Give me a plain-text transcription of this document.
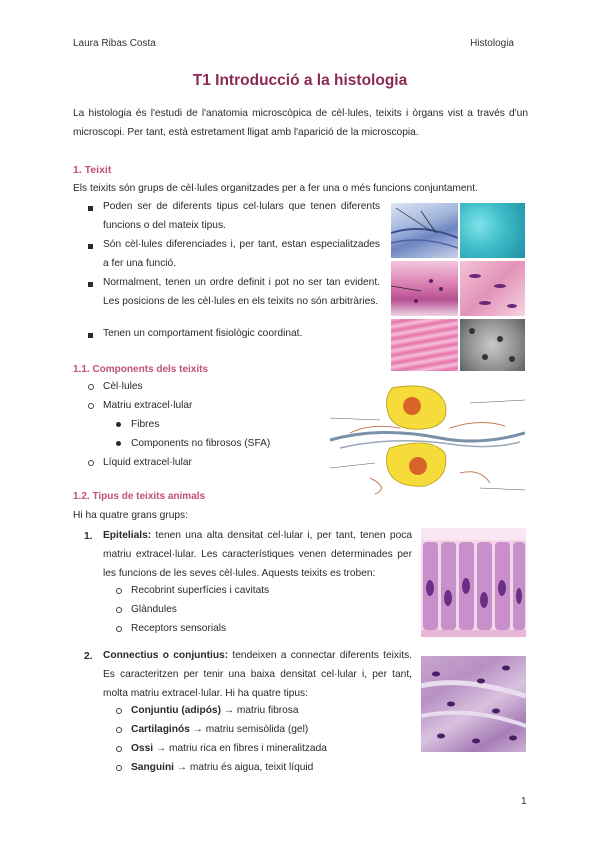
Laura Ribas Costa	Histologia
T1 Introducció a la histologia
La histologia és l'estudi de l'anatomia microscòpica de cèl·lules, teixits i òrgans vist a través d'un microscopi. Per tant, està estretament lligat amb l'aparició de la microscopia.
1. Teixit
Els teixits són grups de cèl·lules organitzades per a fer una o més funcions conjuntament.
Poden ser de diferents tipus cel·lulars que tenen diferents funcions o del mateix tipus.
Són cèl·lules diferenciades i, per tant, estan especialitzades a fer una funció.
Normalment, tenen un ordre definit i pot no ser tan evident. Les posicions de les cèl·lules en els teixits no són arbitràries.
Tenen un comportament fisiològic coordinat.
1.1. Components dels teixits
Cèl·lules
Matriu extracel·lular
Fibres
Components no fibrosos (SFA)
Líquid extracel·lular
1.2. Tipus de teixits animals
Hi ha quatre grans grups:
1. Epitelials: tenen una alta densitat cel·lular i, per tant, tenen poca matriu extracel·lular. Les característiques venen determinades per les funcions de les seves cèl·lules. Aquests teixits es troben:
Recobrint superfícies i cavitats
Glàndules
Receptors sensorials
2. Connectius o conjuntius: tendeixen a connectar diferents teixits. Es caracteritzen per tenir una baixa densitat cel·lular i, per tant, molta matriu extracel·lular. Hi ha quatre tipus:
Conjuntiu (adipós) → matriu fibrosa
Cartilaginós → matriu semisòlida (gel)
Ossi → matriu rica en fibres i mineralitzada
Sanguini → matriu és aigua, teixit líquid
1
